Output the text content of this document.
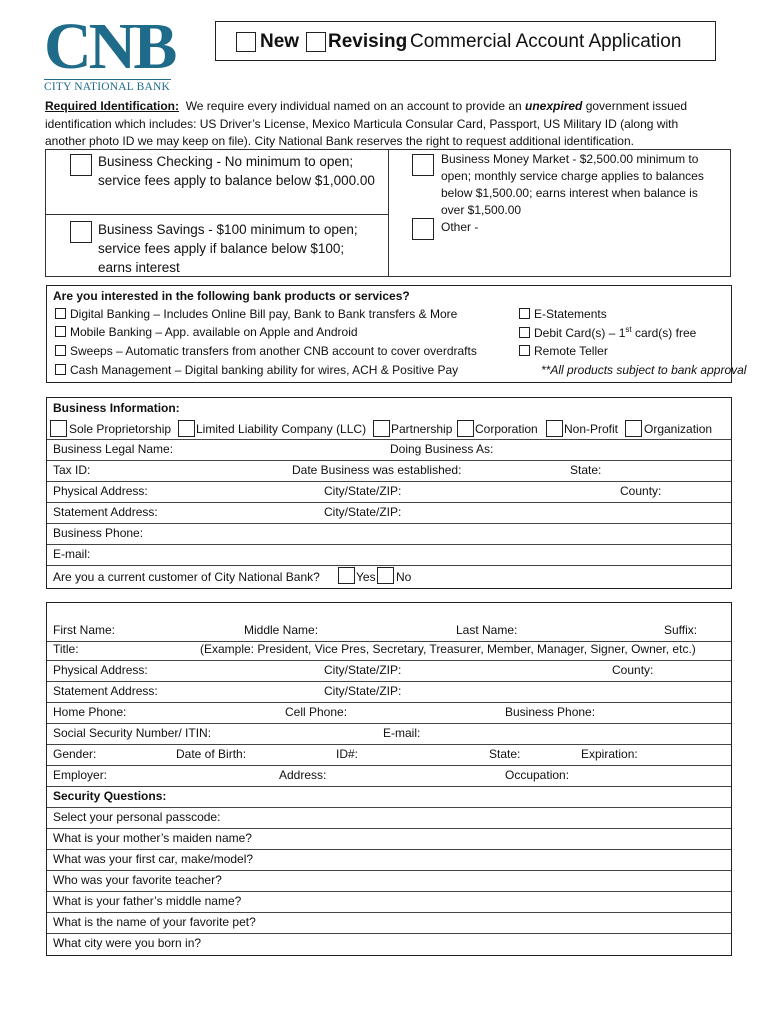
CNB
CITY NATIONAL BANK
New Revising Commercial Account Application
Required Identification: We require every individual named on an account to provide an unexpired government issued
identification which includes: US Driver’s License, Mexico Marticula Consular Card, Passport, US Military ID (along with
another photo ID we may keep on file). City National Bank reserves the right to request additional identification.
Business Checking - No minimum to open;
service fees apply to balance below $1,000.00
Business Savings - $100 minimum to open;
service fees apply if balance below $100;
earns interest
Business Money Market - $2,500.00 minimum to
open; monthly service charge applies to balances
below $1,500.00; earns interest when balance is
over $1,500.00
Other -
Are you interested in the following bank products or services?
Digital Banking – Includes Online Bill pay, Bank to Bank transfers & More
Mobile Banking – App. available on Apple and Android
Sweeps – Automatic transfers from another CNB account to cover overdrafts
Cash Management – Digital banking ability for wires, ACH & Positive Pay
E-Statements
Debit Card(s) – 1st card(s) free
Remote Teller
**All products subject to bank approval
Business Information:
Sole Proprietorship Limited Liability Company (LLC) Partnership Corporation Non-Profit Organization
Business Legal Name:	Doing Business As:
Tax ID:	Date Business was established:	State:
Physical Address:	City/State/ZIP:	County:
Statement Address:	City/State/ZIP:
Business Phone:
E-mail:
Are you a current customer of City National Bank?	Yes No
First Name:	Middle Name:	Last Name:	Suffix:
Title:	(Example: President, Vice Pres, Secretary, Treasurer, Member, Manager, Signer, Owner, etc.)
Physical Address:	City/State/ZIP:	County:
Statement Address:	City/State/ZIP:
Home Phone:	Cell Phone:	Business Phone:
Social Security Number/ ITIN:	E-mail:
Gender:	Date of Birth:	ID#:	State:	Expiration:
Employer:	Address:	Occupation:
Security Questions:
Select your personal passcode:
What is your mother’s maiden name?
What was your first car, make/model?
Who was your favorite teacher?
What is your father’s middle name?
What is the name of your favorite pet?
What city were you born in?
